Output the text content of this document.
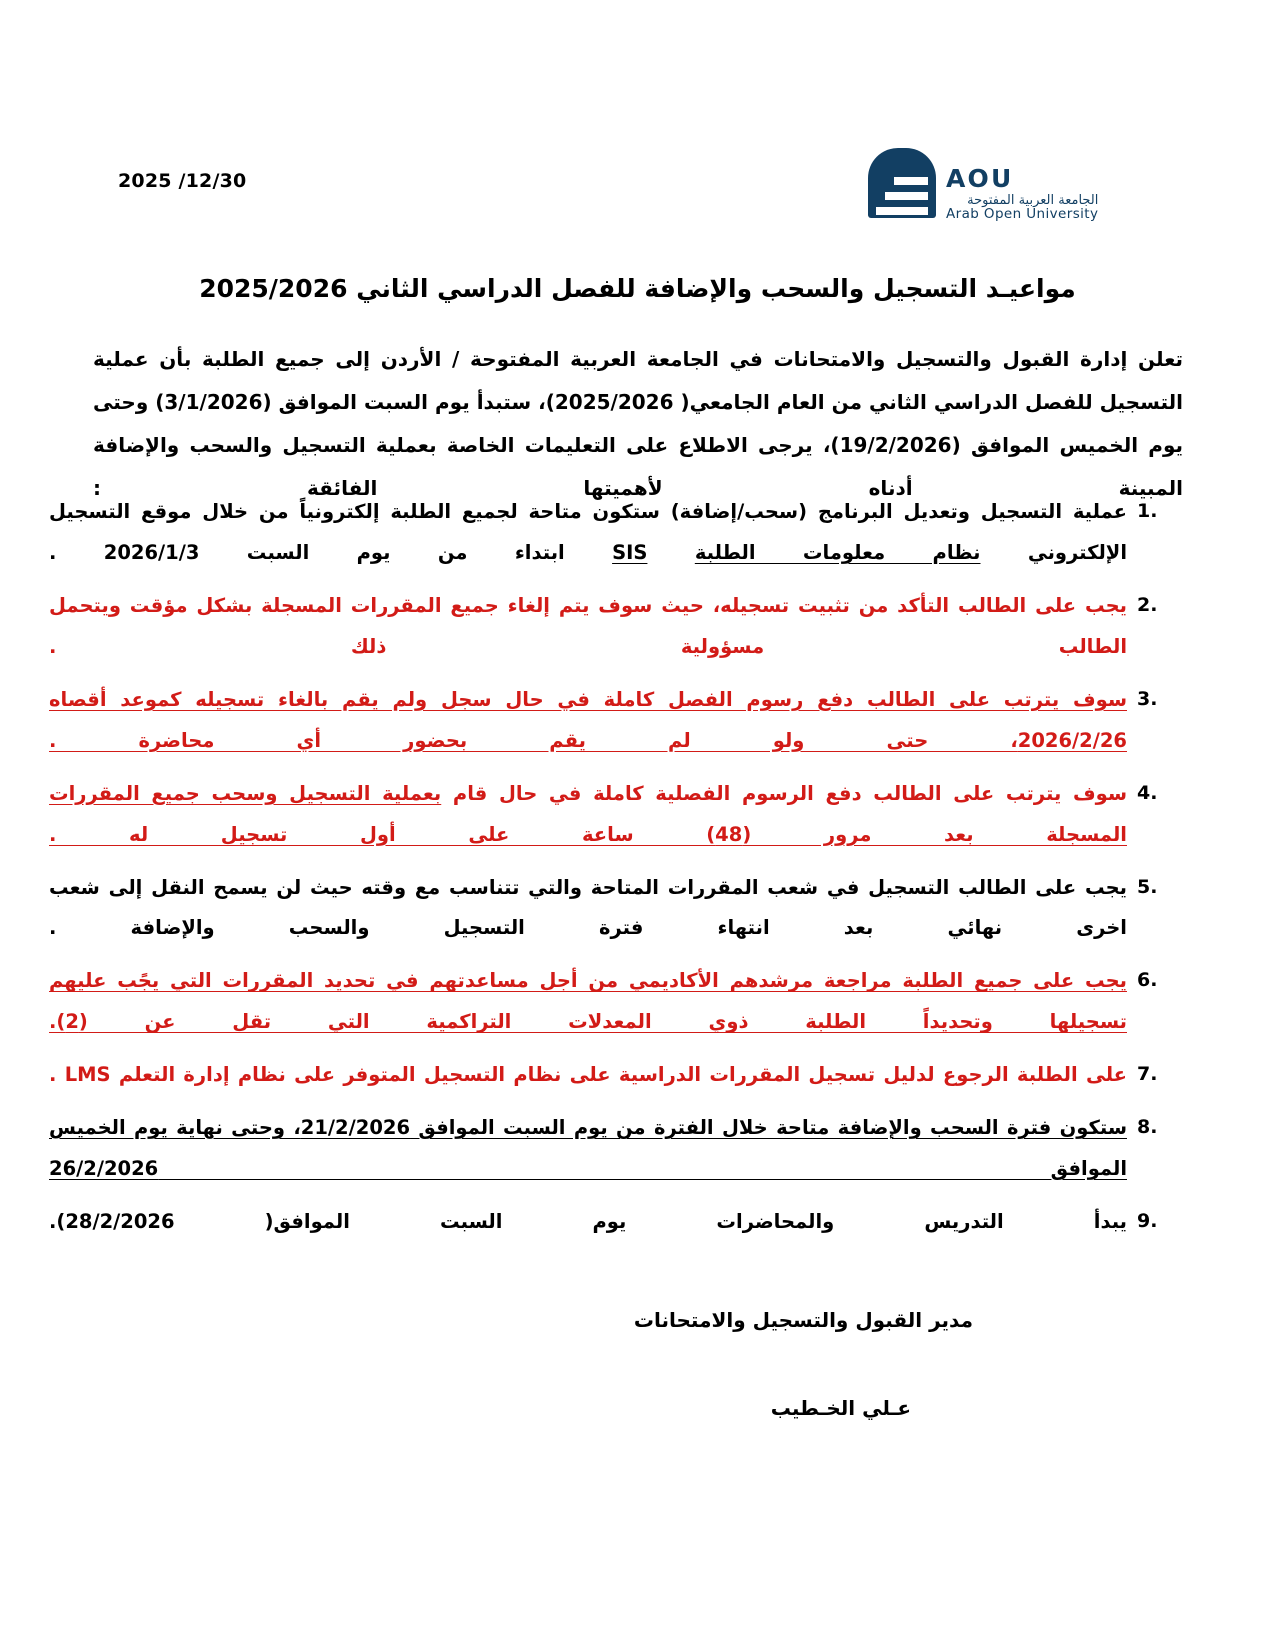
2025 /12/30	AOU
الجامعة العربية المفتوحة
Arab Open University
مواعيـد التسجيل والسحب والإضافة للفصل الدراسي الثاني 2025/2026
تعلن إدارة القبول والتسجيل والامتحانات في الجامعة العربية المفتوحة / الأردن إلى جميع الطلبة بأن عملية التسجيل للفصل الدراسي الثاني من العام الجامعي( 2025/2026)، ستبدأ يوم السبت الموافق (3/1/2026) وحتى يوم الخميس الموافق (19/2/2026)، يرجى الاطلاع على التعليمات الخاصة بعملية التسجيل والسحب والإضافة المبينة أدناه لأهميتها الفائقة :
عملية التسجيل وتعديل البرنامج (سحب/إضافة) ستكون متاحة لجميع الطلبة إلكترونياً من خلال موقع التسجيل الإلكتروني نظام معلومات الطلبة SIS ابتداء من يوم السبت 2026/1/3 .
يجب على الطالب التأكد من تثبيت تسجيله، حيث سوف يتم إلغاء جميع المقررات المسجلة بشكل مؤقت ويتحمل الطالب مسؤولية ذلك .
سوف يترتب على الطالب دفع رسوم الفصل كاملة في حال سجل ولم يقم بالغاء تسجيله كموعد أقصاه 2026/2/26، حتى ولو لم يقم بحضور أي محاضرة .
سوف يترتب على الطالب دفع الرسوم الفصلية كاملة في حال قام بعملية التسجيل وسحب جميع المقررات المسجلة بعد مرور (48) ساعة على أول تسجيل له .
يجب على الطالب التسجيل في شعب المقررات المتاحة والتي تتناسب مع وقته حيث لن يسمح النقل إلى شعب اخرى نهائي بعد انتهاء فترة التسجيل والسحب والإضافة .
يجب على جميع الطلبة مراجعة مرشدهم الأكاديمي من أجل مساعدتهم في تحديد المقررات التي يجًب عليهم تسجيلها وتحديداً الطلبة ذوي المعدلات التراكمية التي تقل عن (2).
على الطلبة الرجوع لدليل تسجيل المقررات الدراسية على نظام التسجيل المتوفر على نظام إدارة التعلم LMS .
ستكون فترة السحب والإضافة متاحة خلال الفترة من يوم السبت الموافق 21/2/2026، وحتى نهاية يوم الخميس الموافق 26/2/2026
يبدأ التدريس والمحاضرات يوم السبت الموافق( 28/2/2026).
مدير القبول والتسجيل والامتحانات
عـلي الخـطيب
